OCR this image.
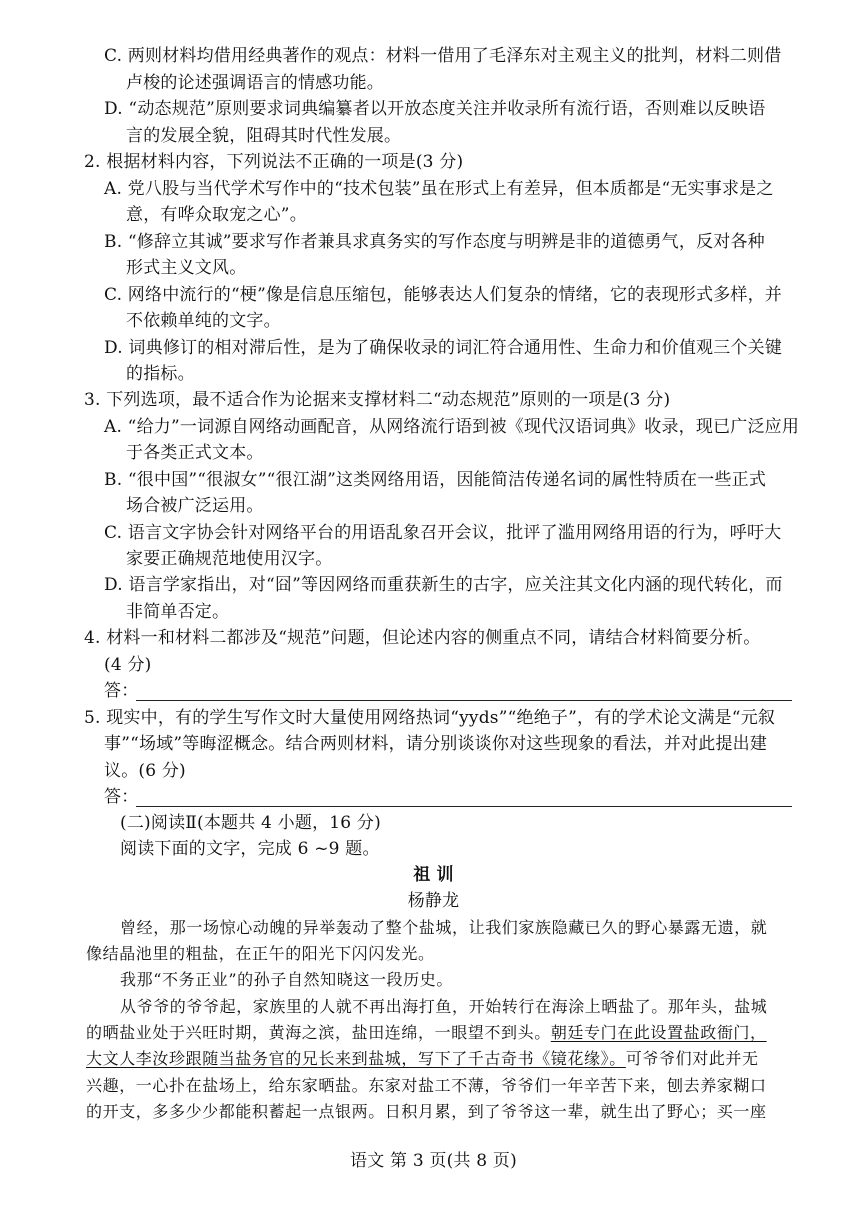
C. 两则材料均借用经典著作的观点：材料一借用了毛泽东对主观主义的批判，材料二则借
卢梭的论述强调语言的情感功能。
D. “动态规范”原则要求词典编纂者以开放态度关注并收录所有流行语，否则难以反映语
言的发展全貌，阻碍其时代性发展。
2. 根据材料内容，下列说法不正确的一项是(3 分)
A. 党八股与当代学术写作中的“技术包装”虽在形式上有差异，但本质都是“无实事求是之
意，有哗众取宠之心”。
B. “修辞立其诚”要求写作者兼具求真务实的写作态度与明辨是非的道德勇气，反对各种
形式主义文风。
C. 网络中流行的“梗”像是信息压缩包，能够表达人们复杂的情绪，它的表现形式多样，并
不依赖单纯的文字。
D. 词典修订的相对滞后性，是为了确保收录的词汇符合通用性、生命力和价值观三个关键
的指标。
3. 下列选项，最不适合作为论据来支撑材料二“动态规范”原则的一项是(3 分)
A. “给力”一词源自网络动画配音，从网络流行语到被《现代汉语词典》收录，现已广泛应用
于各类正式文本。
B. “很中国”“很淑女”“很江湖”这类网络用语，因能简洁传递名词的属性特质在一些正式
场合被广泛运用。
C. 语言文字协会针对网络平台的用语乱象召开会议，批评了滥用网络用语的行为，呼吁大
家要正确规范地使用汉字。
D. 语言学家指出，对“囧”等因网络而重获新生的古字，应关注其文化内涵的现代转化，而
非简单否定。
4. 材料一和材料二都涉及“规范”问题，但论述内容的侧重点不同，请结合材料简要分析。
(4 分)
答：
5. 现实中，有的学生写作文时大量使用网络热词“yyds”“绝绝子”，有的学术论文满是“元叙
事”“场域”等晦涩概念。结合两则材料，请分别谈谈你对这些现象的看法，并对此提出建
议。(6 分)
答：
(二)阅读Ⅱ(本题共 4 小题，16 分)
阅读下面的文字，完成 6 ~9 题。
祖 训
杨静龙
曾经，那一场惊心动魄的异举轰动了整个盐城，让我们家族隐藏已久的野心暴露无遗，就
像结晶池里的粗盐，在正午的阳光下闪闪发光。
我那“不务正业”的孙子自然知晓这一段历史。
从爷爷的爷爷起，家族里的人就不再出海打鱼，开始转行在海涂上晒盐了。那年头，盐城
的晒盐业处于兴旺时期，黄海之滨，盐田连绵，一眼望不到头。朝廷专门在此设置盐政衙门，
大文人李汝珍跟随当盐务官的兄长来到盐城，写下了千古奇书《镜花缘》。可爷爷们对此并无
兴趣，一心扑在盐场上，给东家晒盐。东家对盐工不薄，爷爷们一年辛苦下来，刨去养家糊口
的开支，多多少少都能积蓄起一点银两。日积月累，到了爷爷这一辈，就生出了野心；买一座
语文 第 3 页(共 8 页)
